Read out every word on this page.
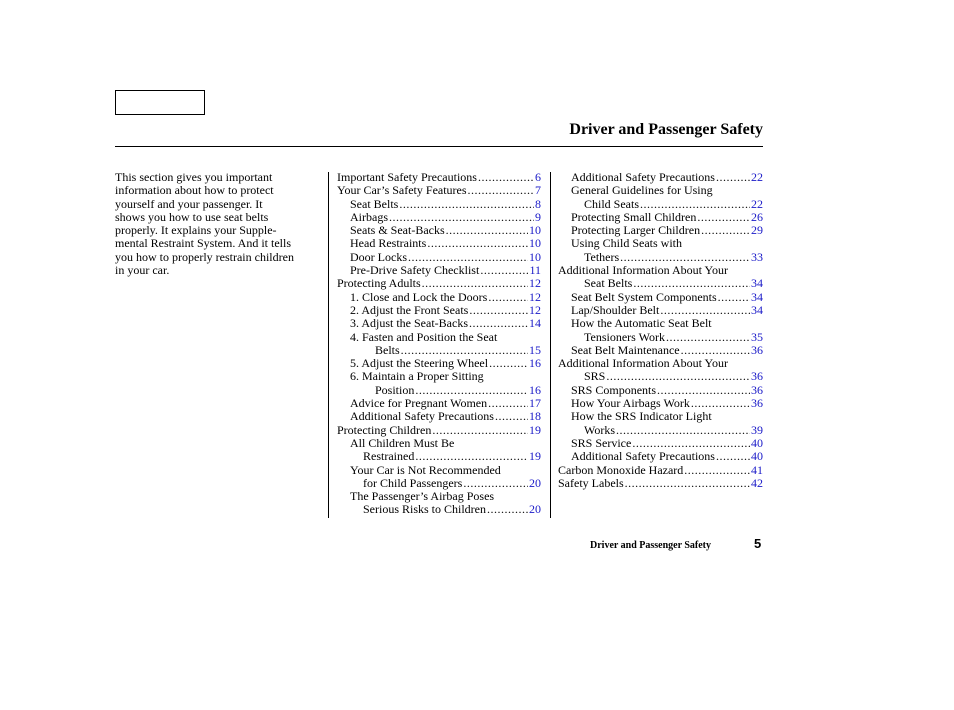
Driver and Passenger Safety
This section gives you important
information about how to protect
yourself and your passenger. It
shows you how to use seat belts
properly. It explains your Supple-
mental Restraint System. And it tells
you how to properly restrain children
in your car.
Important Safety Precautions .....	6
Your Car’s Safety Features .....	7
Seat Belts .....	8
Airbags .....	9
Seats & Seat-Backs .....	10
Head Restraints .....	10
Door Locks .....	10
Pre-Drive Safety Checklist .....	11
Protecting Adults .....	12
1. Close and Lock the Doors .....	12
2. Adjust the Front Seats .....	12
3. Adjust the Seat-Backs .....	14
4. Fasten and Position the Seat
Belts .....	15
5. Adjust the Steering Wheel .....	16
6. Maintain a Proper Sitting
Position .....	16
Advice for Pregnant Women .....	17
Additional Safety Precautions .....	18
Protecting Children .....	19
All Children Must Be
Restrained .....	19
Your Car is Not Recommended
for Child Passengers .....	20
The Passenger’s Airbag Poses
Serious Risks to Children .....	20
Additional Safety Precautions .....	22
General Guidelines for Using
Child Seats .....	22
Protecting Small Children .....	26
Protecting Larger Children .....	29
Using Child Seats with
Tethers .....	33
Additional Information About Your
Seat Belts .....	34
Seat Belt System Components .....	34
Lap/Shoulder Belt .....	34
How the Automatic Seat Belt
Tensioners Work .....	35
Seat Belt Maintenance .....	36
Additional Information About Your
SRS .....	36
SRS Components .....	36
How Your Airbags Work .....	36
How the SRS Indicator Light
Works .....	39
SRS Service .....	40
Additional Safety Precautions .....	40
Carbon Monoxide Hazard .....	41
Safety Labels .....	42
Driver and Passenger Safety	5
